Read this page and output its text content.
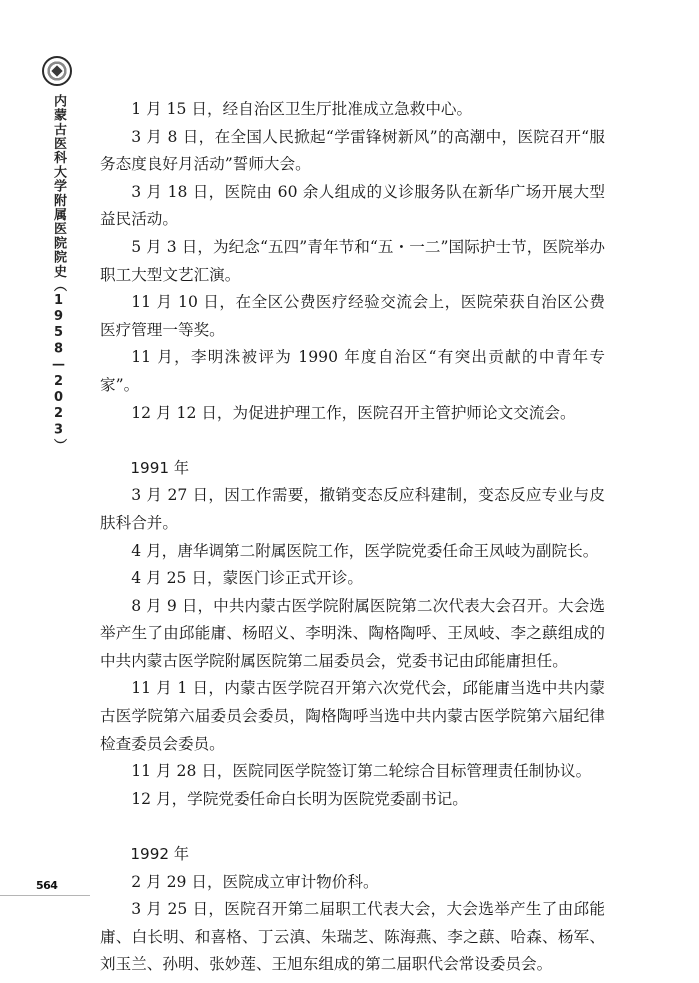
内蒙古医科大学附属医院院史（1958—2023）
564

1 月 15 日，经自治区卫生厅批准成立急救中心。

3 月 8 日，在全国人民掀起“学雷锋树新风”的高潮中，医院召开“服务态度良好月活动”誓师大会。

3 月 18 日，医院由 60 余人组成的义诊服务队在新华广场开展大型益民活动。

5 月 3 日，为纪念“五四”青年节和“五・一二”国际护士节，医院举办职工大型文艺汇演。

11 月 10 日，在全区公费医疗经验交流会上，医院荣获自治区公费医疗管理一等奖。

11 月，李明洙被评为 1990 年度自治区“有突出贡献的中青年专家”。

12 月 12 日，为促进护理工作，医院召开主管护师论文交流会。

1991 年

3 月 27 日，因工作需要，撤销变态反应科建制，变态反应专业与皮肤科合并。

4 月，唐华调第二附属医院工作，医学院党委任命王凤岐为副院长。

4 月 25 日，蒙医门诊正式开诊。

8 月 9 日，中共内蒙古医学院附属医院第二次代表大会召开。大会选举产生了由邱能庸、杨昭义、李明洙、陶格陶呼、王凤岐、李之蕻组成的中共内蒙古医学院附属医院第二届委员会，党委书记由邱能庸担任。

11 月 1 日，内蒙古医学院召开第六次党代会，邱能庸当选中共内蒙古医学院第六届委员会委员，陶格陶呼当选中共内蒙古医学院第六届纪律检查委员会委员。

11 月 28 日，医院同医学院签订第二轮综合目标管理责任制协议。

12 月，学院党委任命白长明为医院党委副书记。

1992 年

2 月 29 日，医院成立审计物价科。

3 月 25 日，医院召开第二届职工代表大会，大会选举产生了由邱能庸、白长明、和喜格、丁云滇、朱瑞芝、陈海燕、李之蕻、哈森、杨军、刘玉兰、孙明、张妙莲、王旭东组成的第二届职代会常设委员会。
